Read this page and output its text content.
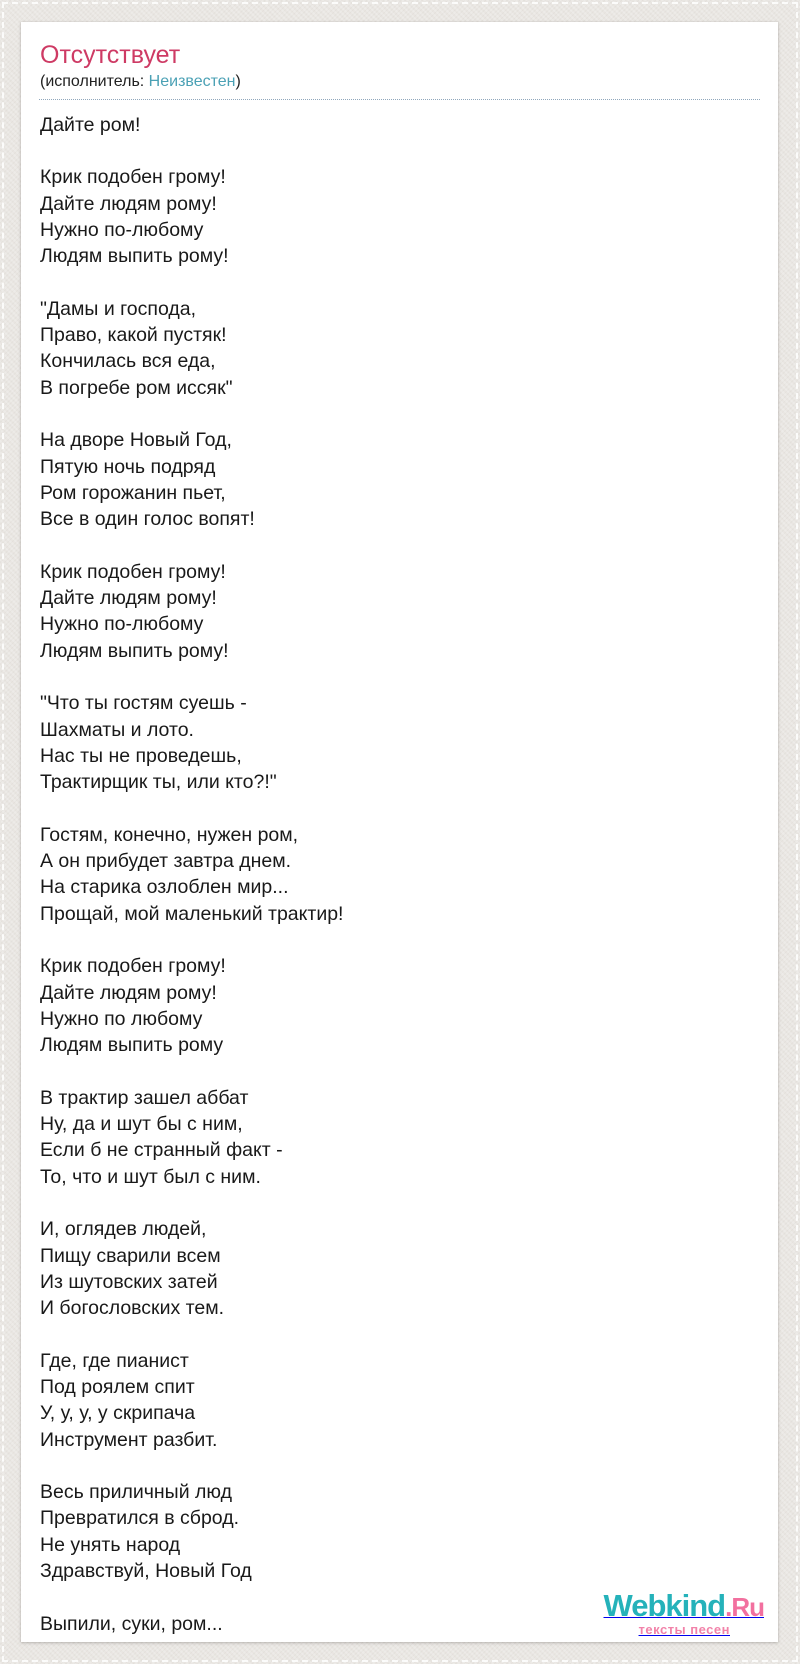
Отсутствует

(исполнитель: Неизвестен)

Дайте ром!

Крик подобен грому!
Дайте людям рому!
Нужно по-любому
Людям выпить рому!

"Дамы и господа,
Право, какой пустяк!
Кончилась вся еда,
В погребе ром иссяк"

На дворе Новый Год,
Пятую ночь подряд
Ром горожанин пьет,
Все в один голос вопят!

Крик подобен грому!
Дайте людям рому!
Нужно по-любому
Людям выпить рому!

"Что ты гостям суешь -
Шахматы и лото.
Нас ты не проведешь,
Трактирщик ты, или кто?!"

Гостям, конечно, нужен ром,
А он прибудет завтра днем.
На старика озлоблен мир...
Прощай, мой маленький трактир!

Крик подобен грому!
Дайте людям рому!
Нужно по любому
Людям выпить рому

В трактир зашел аббат
Ну, да и шут бы с ним,
Если б не странный факт -
То, что и шут был с ним.

И, оглядев людей,
Пищу сварили всем
Из шутовских затей
И богословских тем.

Где, где пианист
Под роялем спит
У, у, у, у скрипача
Инструмент разбит.

Весь приличный люд
Превратился в сброд.
Не унять народ
Здравствуй, Новый Год

Выпили, суки, ром...

Webkind.Ru
тексты песен
